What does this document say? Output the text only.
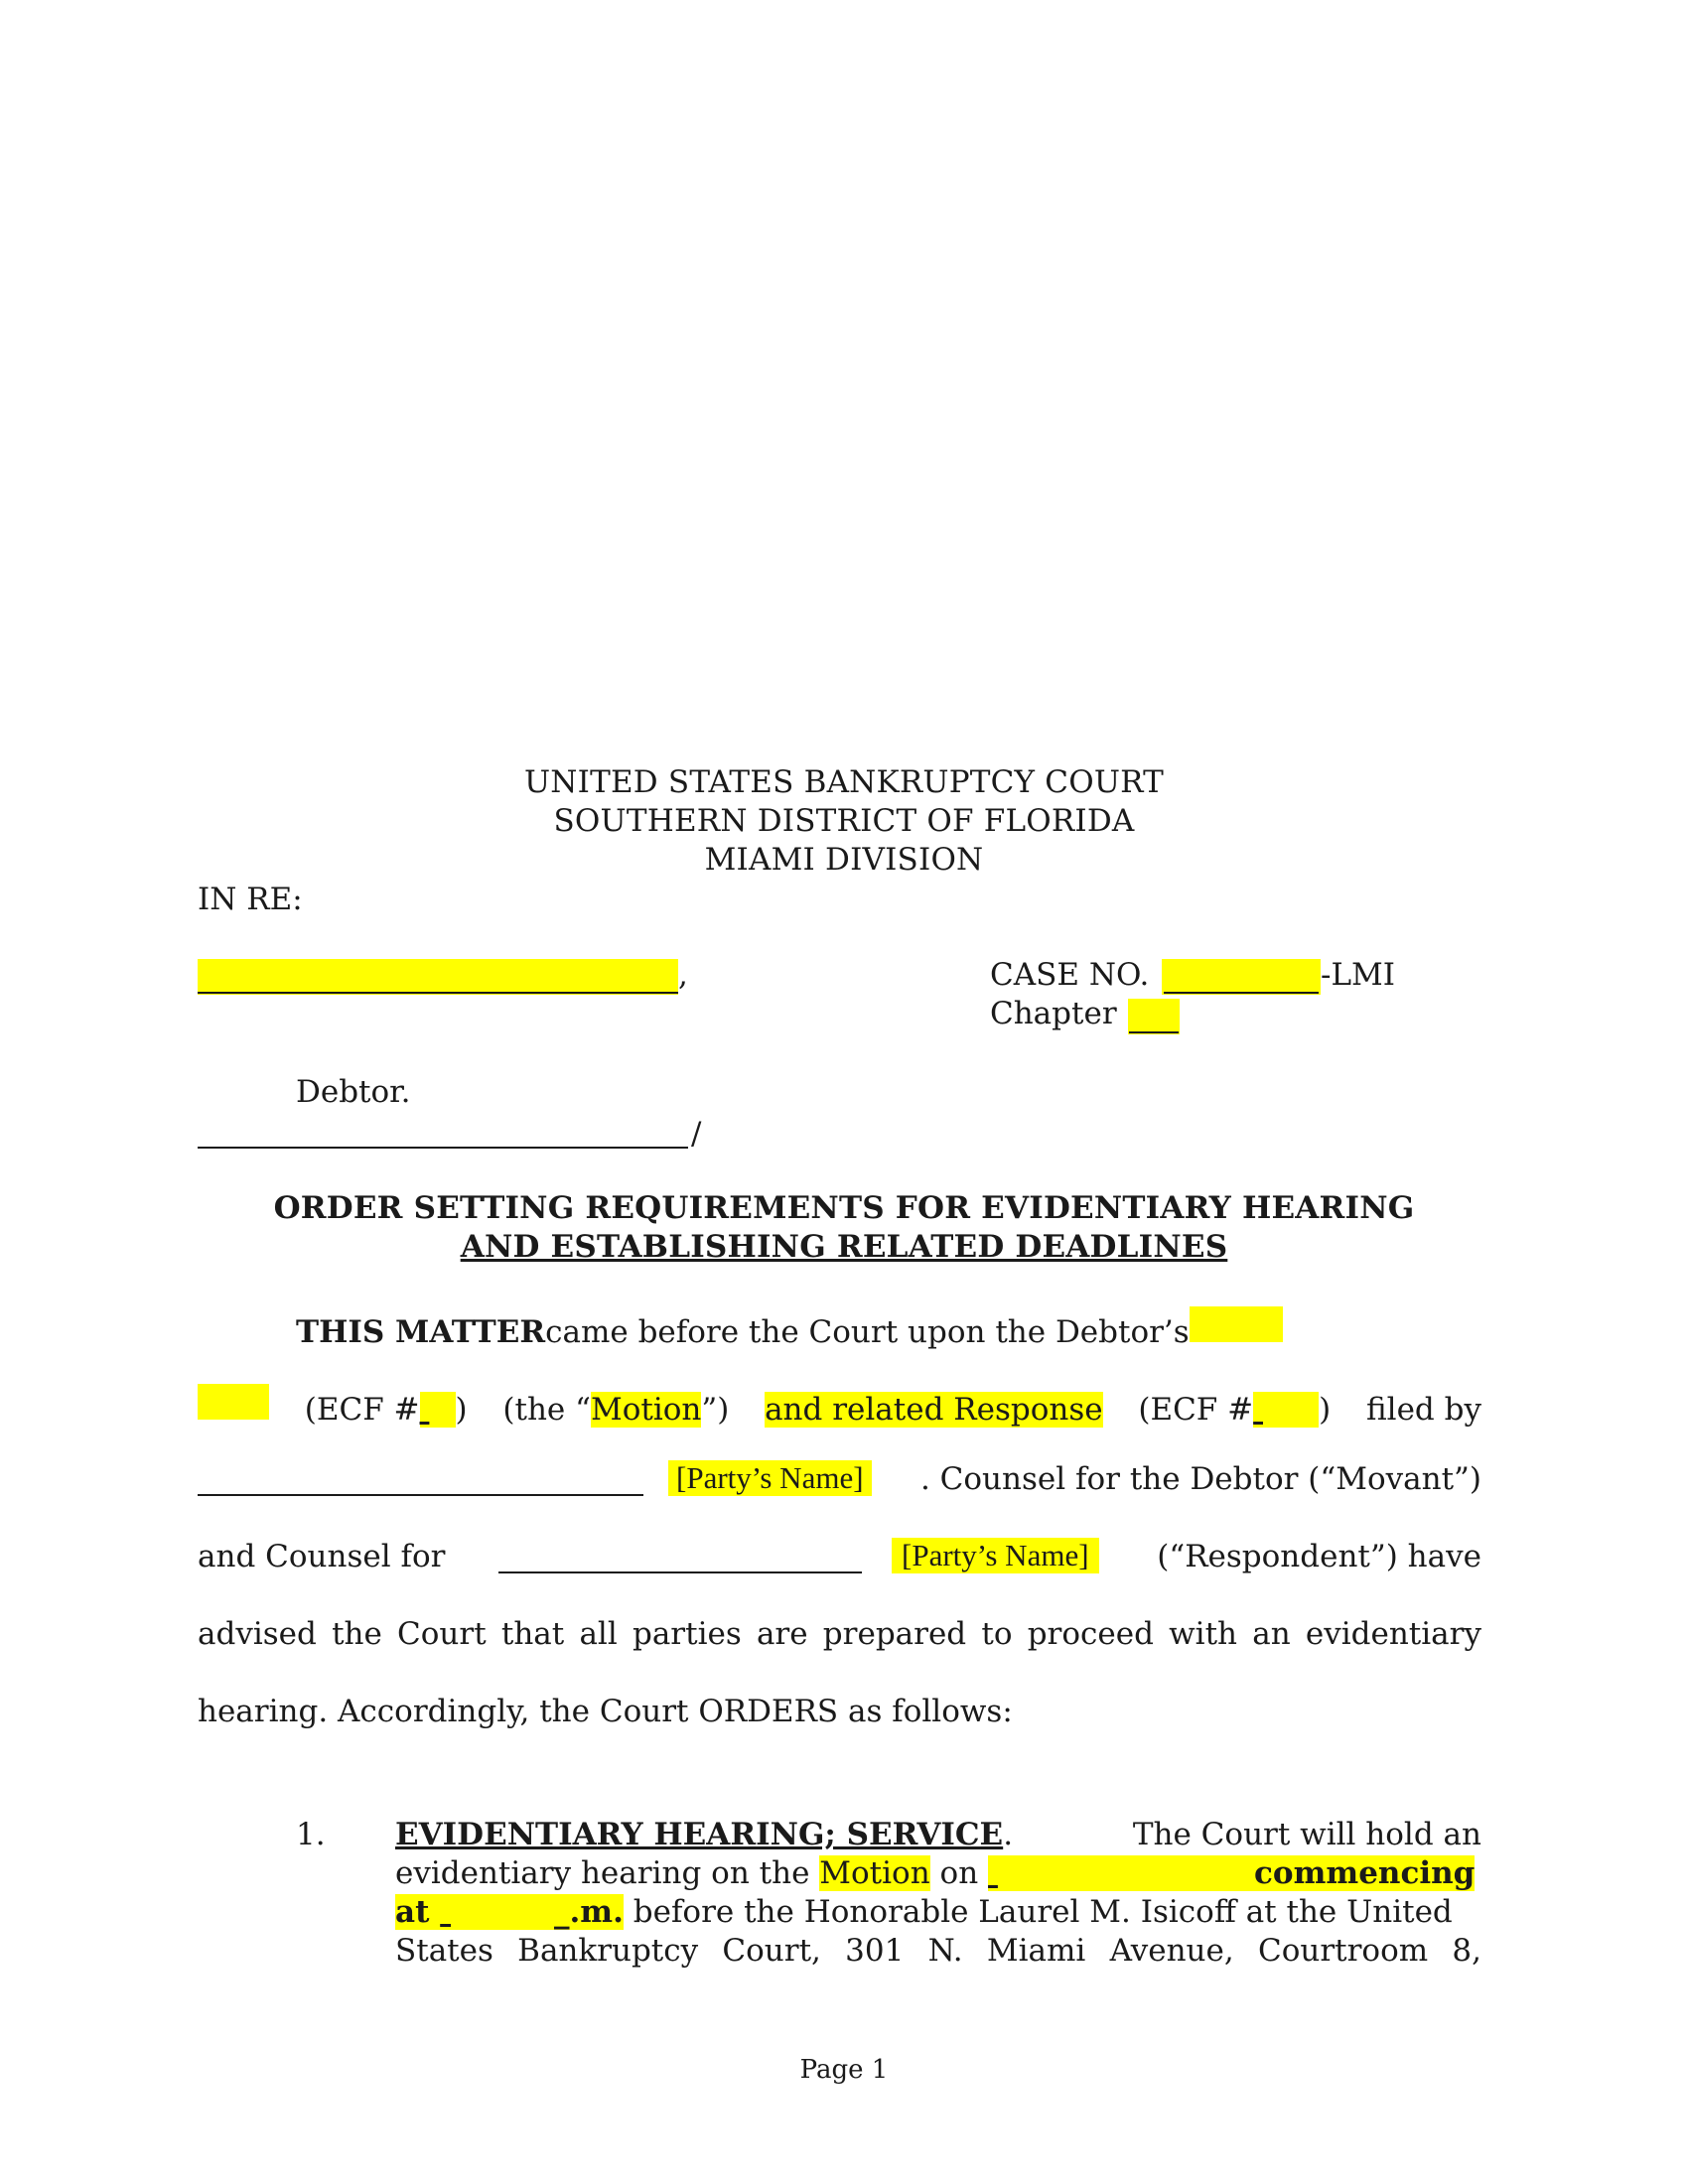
UNITED STATES BANKRUPTCY COURT
SOUTHERN DISTRICT OF FLORIDA
MIAMI DIVISION
IN RE:
,	CASE NO.	-LMI
Chapter
Debtor.
/
ORDER SETTING REQUIREMENTS FOR EVIDENTIARY HEARING
AND ESTABLISHING RELATED DEADLINES
THIS MATTER came before the Court upon the Debtor’s
(ECF # ) (the “Motion”) and related Response (ECF # ) filed by
[Party’s Name]	. Counsel for the Debtor (“Movant”)
and Counsel for	[Party’s Name]	(“Respondent”) have
advised the Court that all parties are prepared to proceed with an evidentiary
hearing. Accordingly, the Court ORDERS as follows:
1. EVIDENTIARY HEARING; SERVICE.	The Court will hold an
evidentiary hearing on the Motion on	commencing
at	_.m. before the Honorable Laurel M. Isicoff at the United
States Bankruptcy Court, 301 N. Miami Avenue, Courtroom 8,
Page 1
